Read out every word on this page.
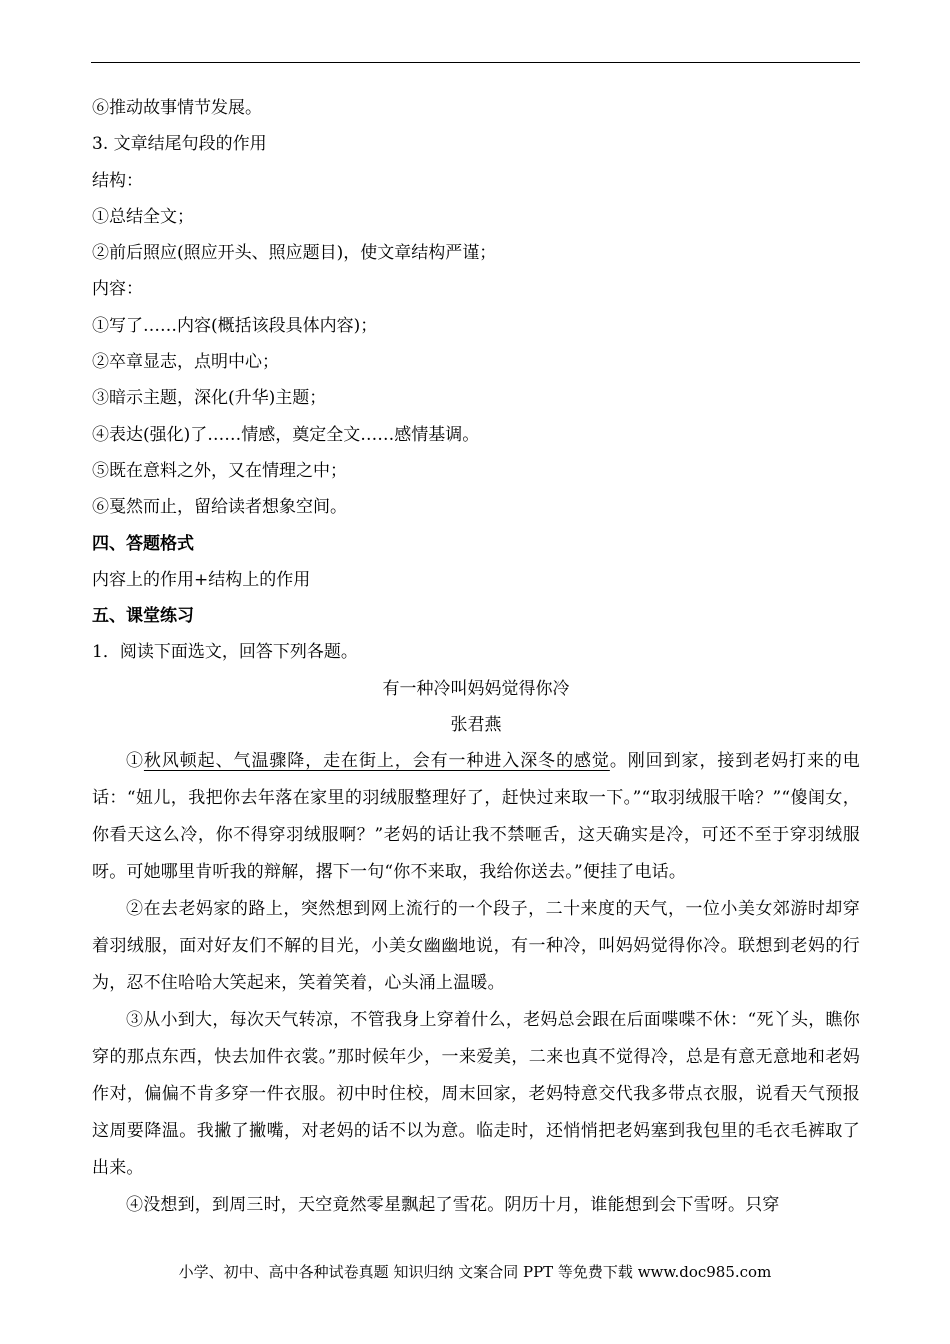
⑥推动故事情节发展。
3. 文章结尾句段的作用
结构：
①总结全文；
②前后照应(照应开头、照应题目)，使文章结构严谨；
内容：
①写了……内容(概括该段具体内容)；
②卒章显志，点明中心；
③暗示主题，深化(升华)主题；
④表达(强化)了……情感，奠定全文……感情基调。
⑤既在意料之外，又在情理之中；
⑥戛然而止，留给读者想象空间。
四、答题格式
内容上的作用+结构上的作用
五、课堂练习
1．阅读下面选文，回答下列各题。
有一种冷叫妈妈觉得你冷
张君燕

①秋风顿起、气温骤降，走在街上，会有一种进入深冬的感觉。刚回到家，接到老妈打来的电话：“妞儿，我把你去年落在家里的羽绒服整理好了，赶快过来取一下。”“取羽绒服干啥？”“傻闺女，你看天这么冷，你不得穿羽绒服啊？”老妈的话让我不禁咂舌，这天确实是冷，可还不至于穿羽绒服呀。可她哪里肯听我的辩解，撂下一句“你不来取，我给你送去。”便挂了电话。

②在去老妈家的路上，突然想到网上流行的一个段子，二十来度的天气，一位小美女郊游时却穿着羽绒服，面对好友们不解的目光，小美女幽幽地说，有一种冷，叫妈妈觉得你冷。联想到老妈的行为，忍不住哈哈大笑起来，笑着笑着，心头涌上温暖。

③从小到大，每次天气转凉，不管我身上穿着什么，老妈总会跟在后面喋喋不休：“死丫头，瞧你穿的那点东西，快去加件衣裳。”那时候年少，一来爱美，二来也真不觉得冷，总是有意无意地和老妈作对，偏偏不肯多穿一件衣服。初中时住校，周末回家，老妈特意交代我多带点衣服，说看天气预报这周要降温。我撇了撇嘴，对老妈的话不以为意。临走时，还悄悄把老妈塞到我包里的毛衣毛裤取了出来。

④没想到，到周三时，天空竟然零星飘起了雪花。阴历十月，谁能想到会下雪呀。只穿

小学、初中、高中各种试卷真题 知识归纳 文案合同 PPT 等免费下载 www.doc985.com
